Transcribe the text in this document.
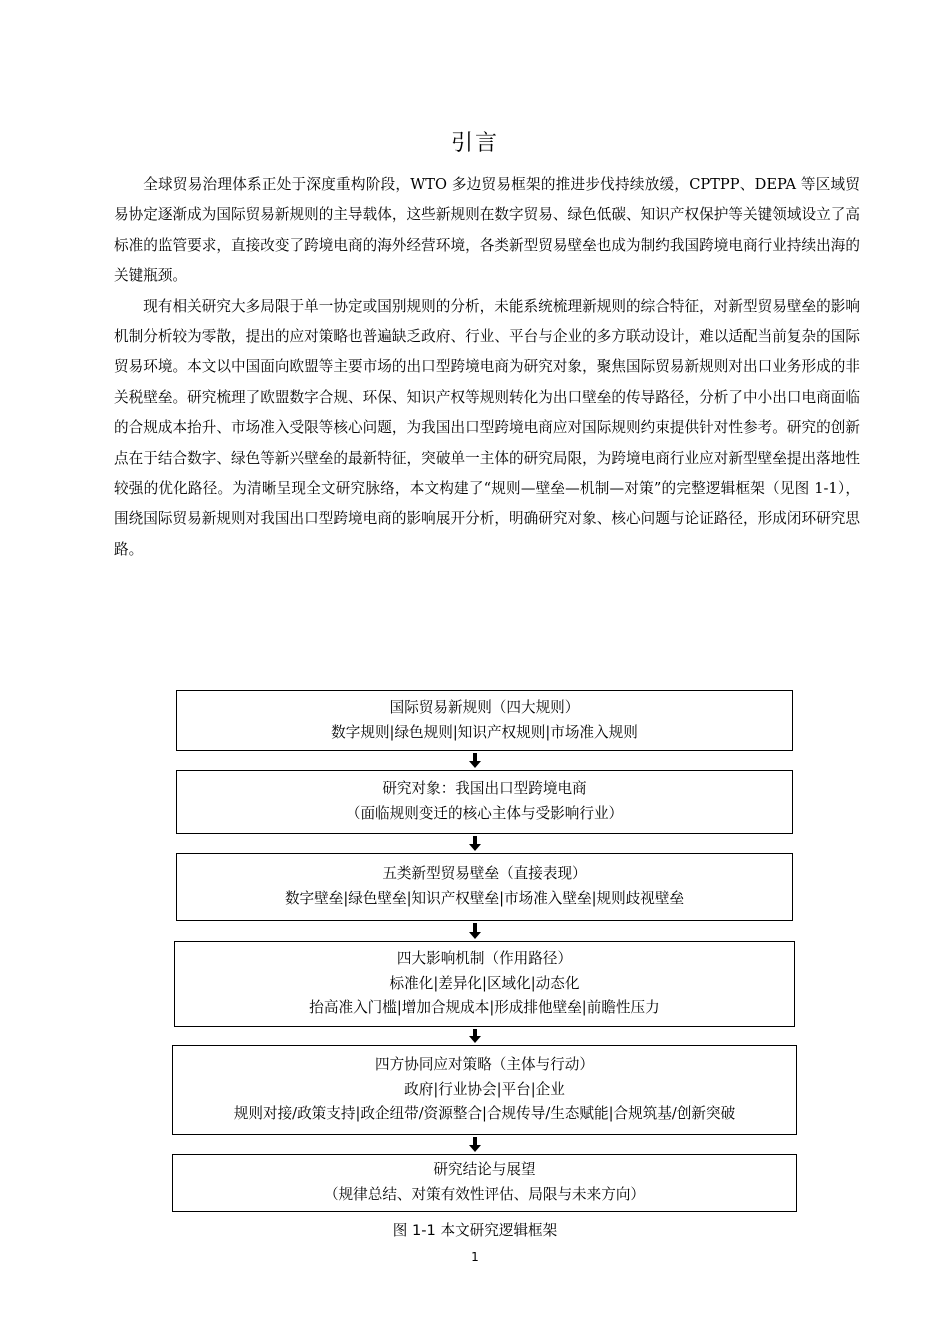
引言

全球贸易治理体系正处于深度重构阶段，WTO 多边贸易框架的推进步伐持续放缓，CPTPP、DEPA 等区域贸易协定逐渐成为国际贸易新规则的主导载体，这些新规则在数字贸易、绿色低碳、知识产权保护等关键领域设立了高标准的监管要求，直接改变了跨境电商的海外经营环境，各类新型贸易壁垒也成为制约我国跨境电商行业持续出海的关键瓶颈。

现有相关研究大多局限于单一协定或国别规则的分析，未能系统梳理新规则的综合特征，对新型贸易壁垒的影响机制分析较为零散，提出的应对策略也普遍缺乏政府、行业、平台与企业的多方联动设计，难以适配当前复杂的国际贸易环境。本文以中国面向欧盟等主要市场的出口型跨境电商为研究对象，聚焦国际贸易新规则对出口业务形成的非关税壁垒。研究梳理了欧盟数字合规、环保、知识产权等规则转化为出口壁垒的传导路径，分析了中小出口电商面临的合规成本抬升、市场准入受限等核心问题，为我国出口型跨境电商应对国际规则约束提供针对性参考。研究的创新点在于结合数字、绿色等新兴壁垒的最新特征，突破单一主体的研究局限，为跨境电商行业应对新型壁垒提出落地性较强的优化路径。为清晰呈现全文研究脉络，本文构建了“规则—壁垒—机制—对策”的完整逻辑框架（见图 1-1），围绕国际贸易新规则对我国出口型跨境电商的影响展开分析，明确研究对象、核心问题与论证路径，形成闭环研究思路。

国际贸易新规则（四大规则）
数字规则|绿色规则|知识产权规则|市场准入规则
研究对象：我国出口型跨境电商
（面临规则变迁的核心主体与受影响行业）
五类新型贸易壁垒（直接表现）
数字壁垒|绿色壁垒|知识产权壁垒|市场准入壁垒|规则歧视壁垒
四大影响机制（作用路径）
标准化|差异化|区域化|动态化
抬高准入门槛|增加合规成本|形成排他壁垒|前瞻性压力
四方协同应对策略（主体与行动）
政府|行业协会|平台|企业
规则对接/政策支持|政企纽带/资源整合|合规传导/生态赋能|合规筑基/创新突破
研究结论与展望
（规律总结、对策有效性评估、局限与未来方向）
图 1-1 本文研究逻辑框架
1
